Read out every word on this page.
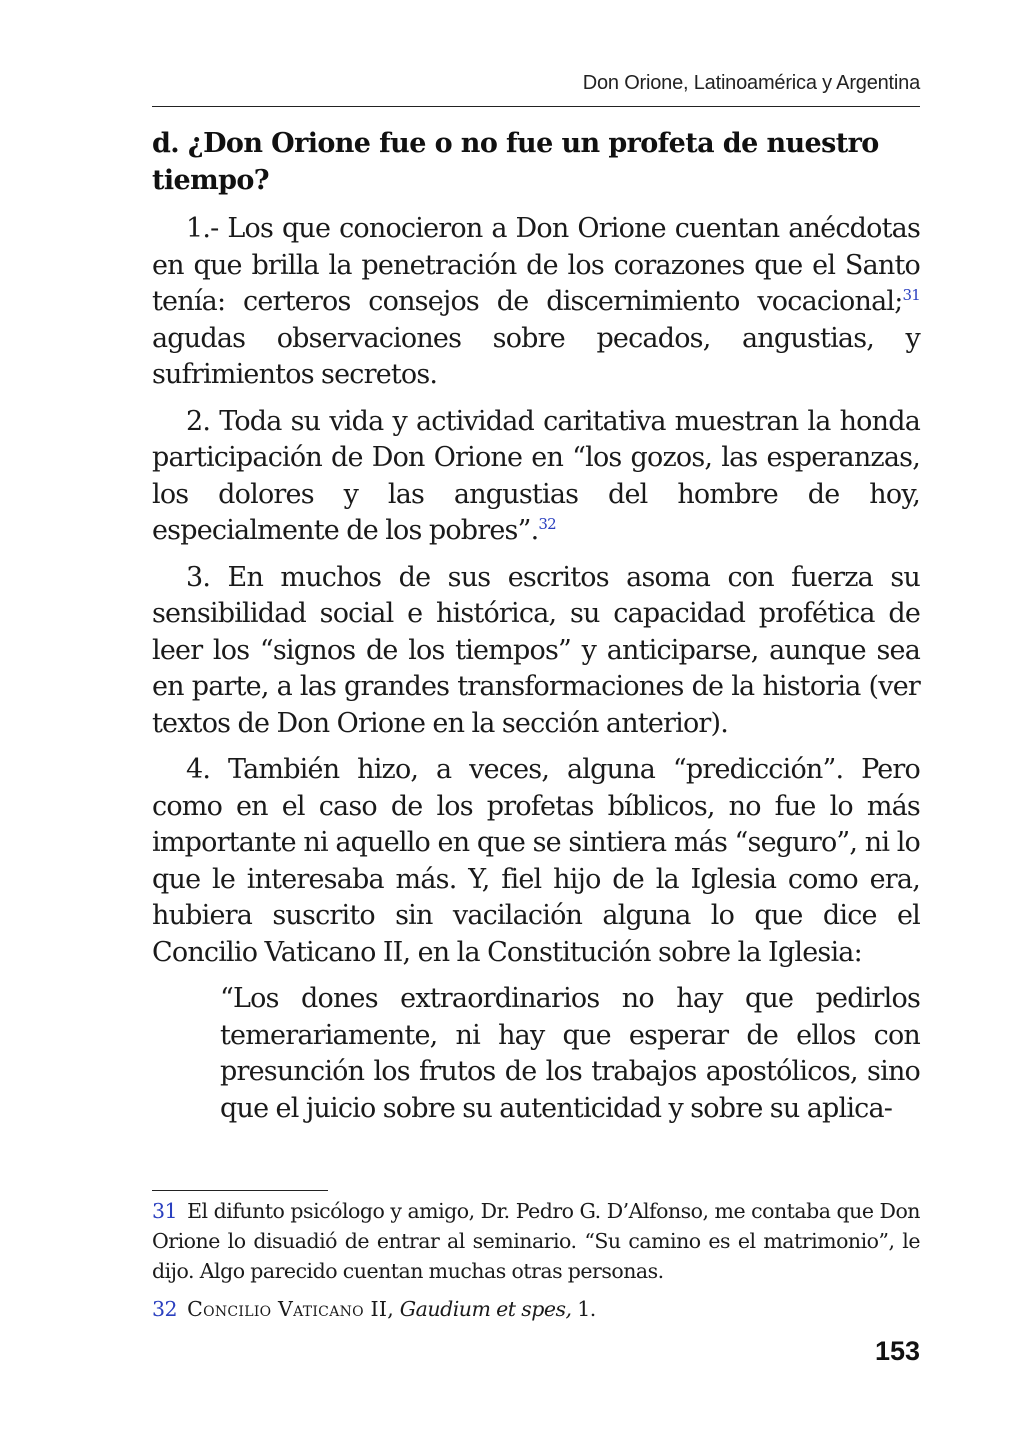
Don Orione, Latinoamérica y Argentina
d. ¿Don Orione fue o no fue un profeta de nuestro tiempo?

1.- Los que conocieron a Don Orione cuentan anécdotas en que brilla la penetración de los corazones que el Santo tenía: certeros consejos de discernimiento vocacional;$^{31}$ agudas observaciones sobre pecados, angustias, y sufrimientos secretos.

2. Toda su vida y actividad caritativa muestran la honda participación de Don Orione en “los gozos, las esperanzas, los dolores y las angustias del hombre de hoy, especialmente de los pobres”.$^{32}$

3. En muchos de sus escritos asoma con fuerza su sensibilidad social e histórica, su capacidad profética de leer los “signos de los tiempos” y anticiparse, aunque sea en parte, a las grandes transformaciones de la historia (ver textos de Don Orione en la sección anterior).

4. También hizo, a veces, alguna “predicción”. Pero como en el caso de los profetas bíblicos, no fue lo más importante ni aquello en que se sintiera más “seguro”, ni lo que le interesaba más. Y, fiel hijo de la Iglesia como era, hubiera suscrito sin vacilación alguna lo que dice el Concilio Vaticano II, en la Constitución sobre la Iglesia:

“Los dones extraordinarios no hay que pedirlos temerariamente, ni hay que esperar de ellos con presunción los frutos de los trabajos apostólicos, sino que el juicio sobre su autenticidad y sobre su aplica-

31 El difunto psicólogo y amigo, Dr. Pedro G. D’Alfonso, me contaba que Don Orione lo disuadió de entrar al seminario. “Su camino es el matrimonio”, le dijo. Algo parecido cuentan muchas otras personas.

32 Concilio Vaticano II, Gaudium et spes, 1.

153
